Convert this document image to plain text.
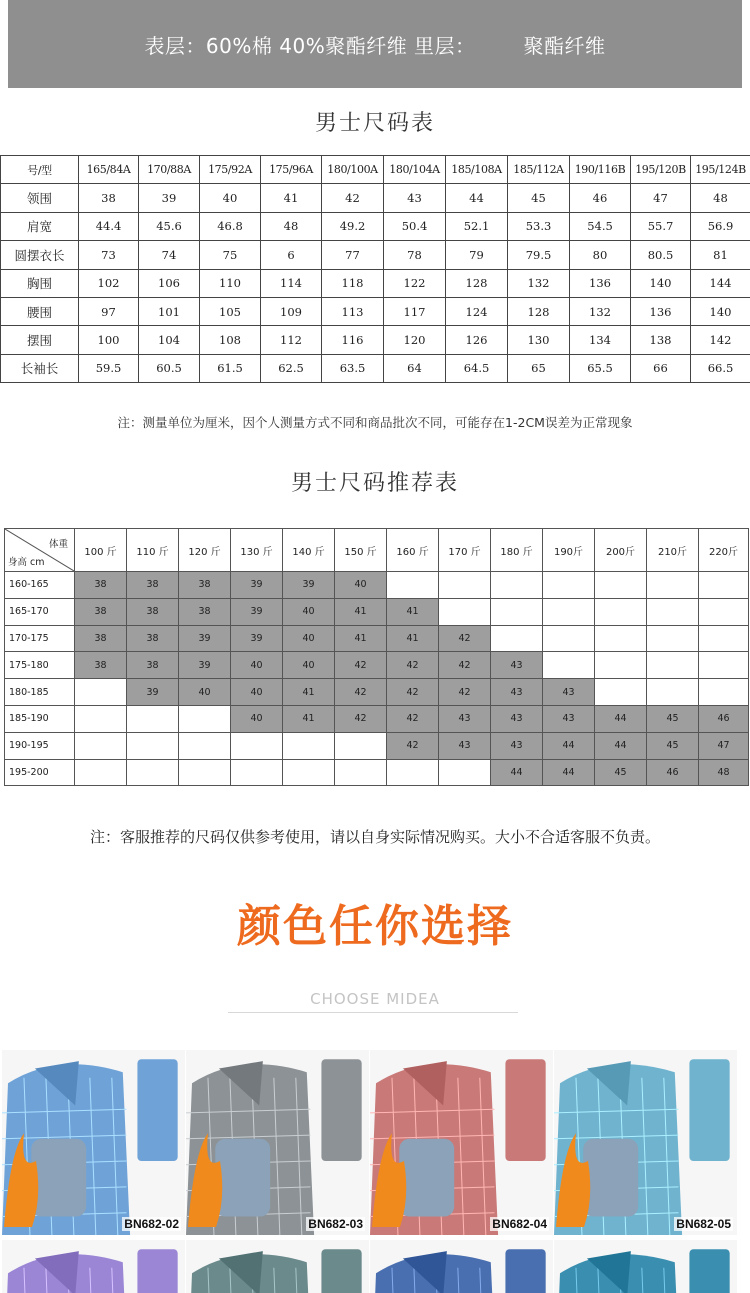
表层：60%棉 40%聚酯纤维 里层：       聚酯纤维
男士尺码表
号/型	165/84A	170/88A	175/92A	175/96A	180/100A	180/104A	185/108A	185/112A	190/116B	195/120B	195/124B
领围	38	39	40	41	42	43	44	45	46	47	48
肩宽	44.4	45.6	46.8	48	49.2	50.4	52.1	53.3	54.5	55.7	56.9
圆摆衣长	73	74	75	6	77	78	79	79.5	80	80.5	81
胸围	102	106	110	114	118	122	128	132	136	140	144
腰围	97	101	105	109	113	117	124	128	132	136	140
摆围	100	104	108	112	116	120	126	130	134	138	142
长袖长	59.5	60.5	61.5	62.5	63.5	64	64.5	65	65.5	66	66.5
注：测量单位为厘米，因个人测量方式不同和商品批次不同，可能存在1-2CM误差为正常现象
男士尺码推荐表
体重
身高 cm	100 斤	110 斤	120 斤	130 斤	140 斤	150 斤	160 斤	170 斤	180 斤	190斤	200斤	210斤	220斤
160-165	38	38	38	39	39	40							
165-170	38	38	38	39	40	41	41						
170-175	38	38	39	39	40	41	41	42					
175-180	38	38	39	40	40	42	42	42	43				
180-185		39	40	40	41	42	42	42	43	43			
185-190				40	41	42	42	43	43	43	44	45	46
190-195							42	43	43	44	44	45	47
195-200									44	44	45	46	48
注：客服推荐的尺码仅供参考使用，请以自身实际情况购买。大小不合适客服不负责。
颜色任你选择
CHOOSE MIDEA
BN682-02	BN682-03	BN682-04	BN682-05
